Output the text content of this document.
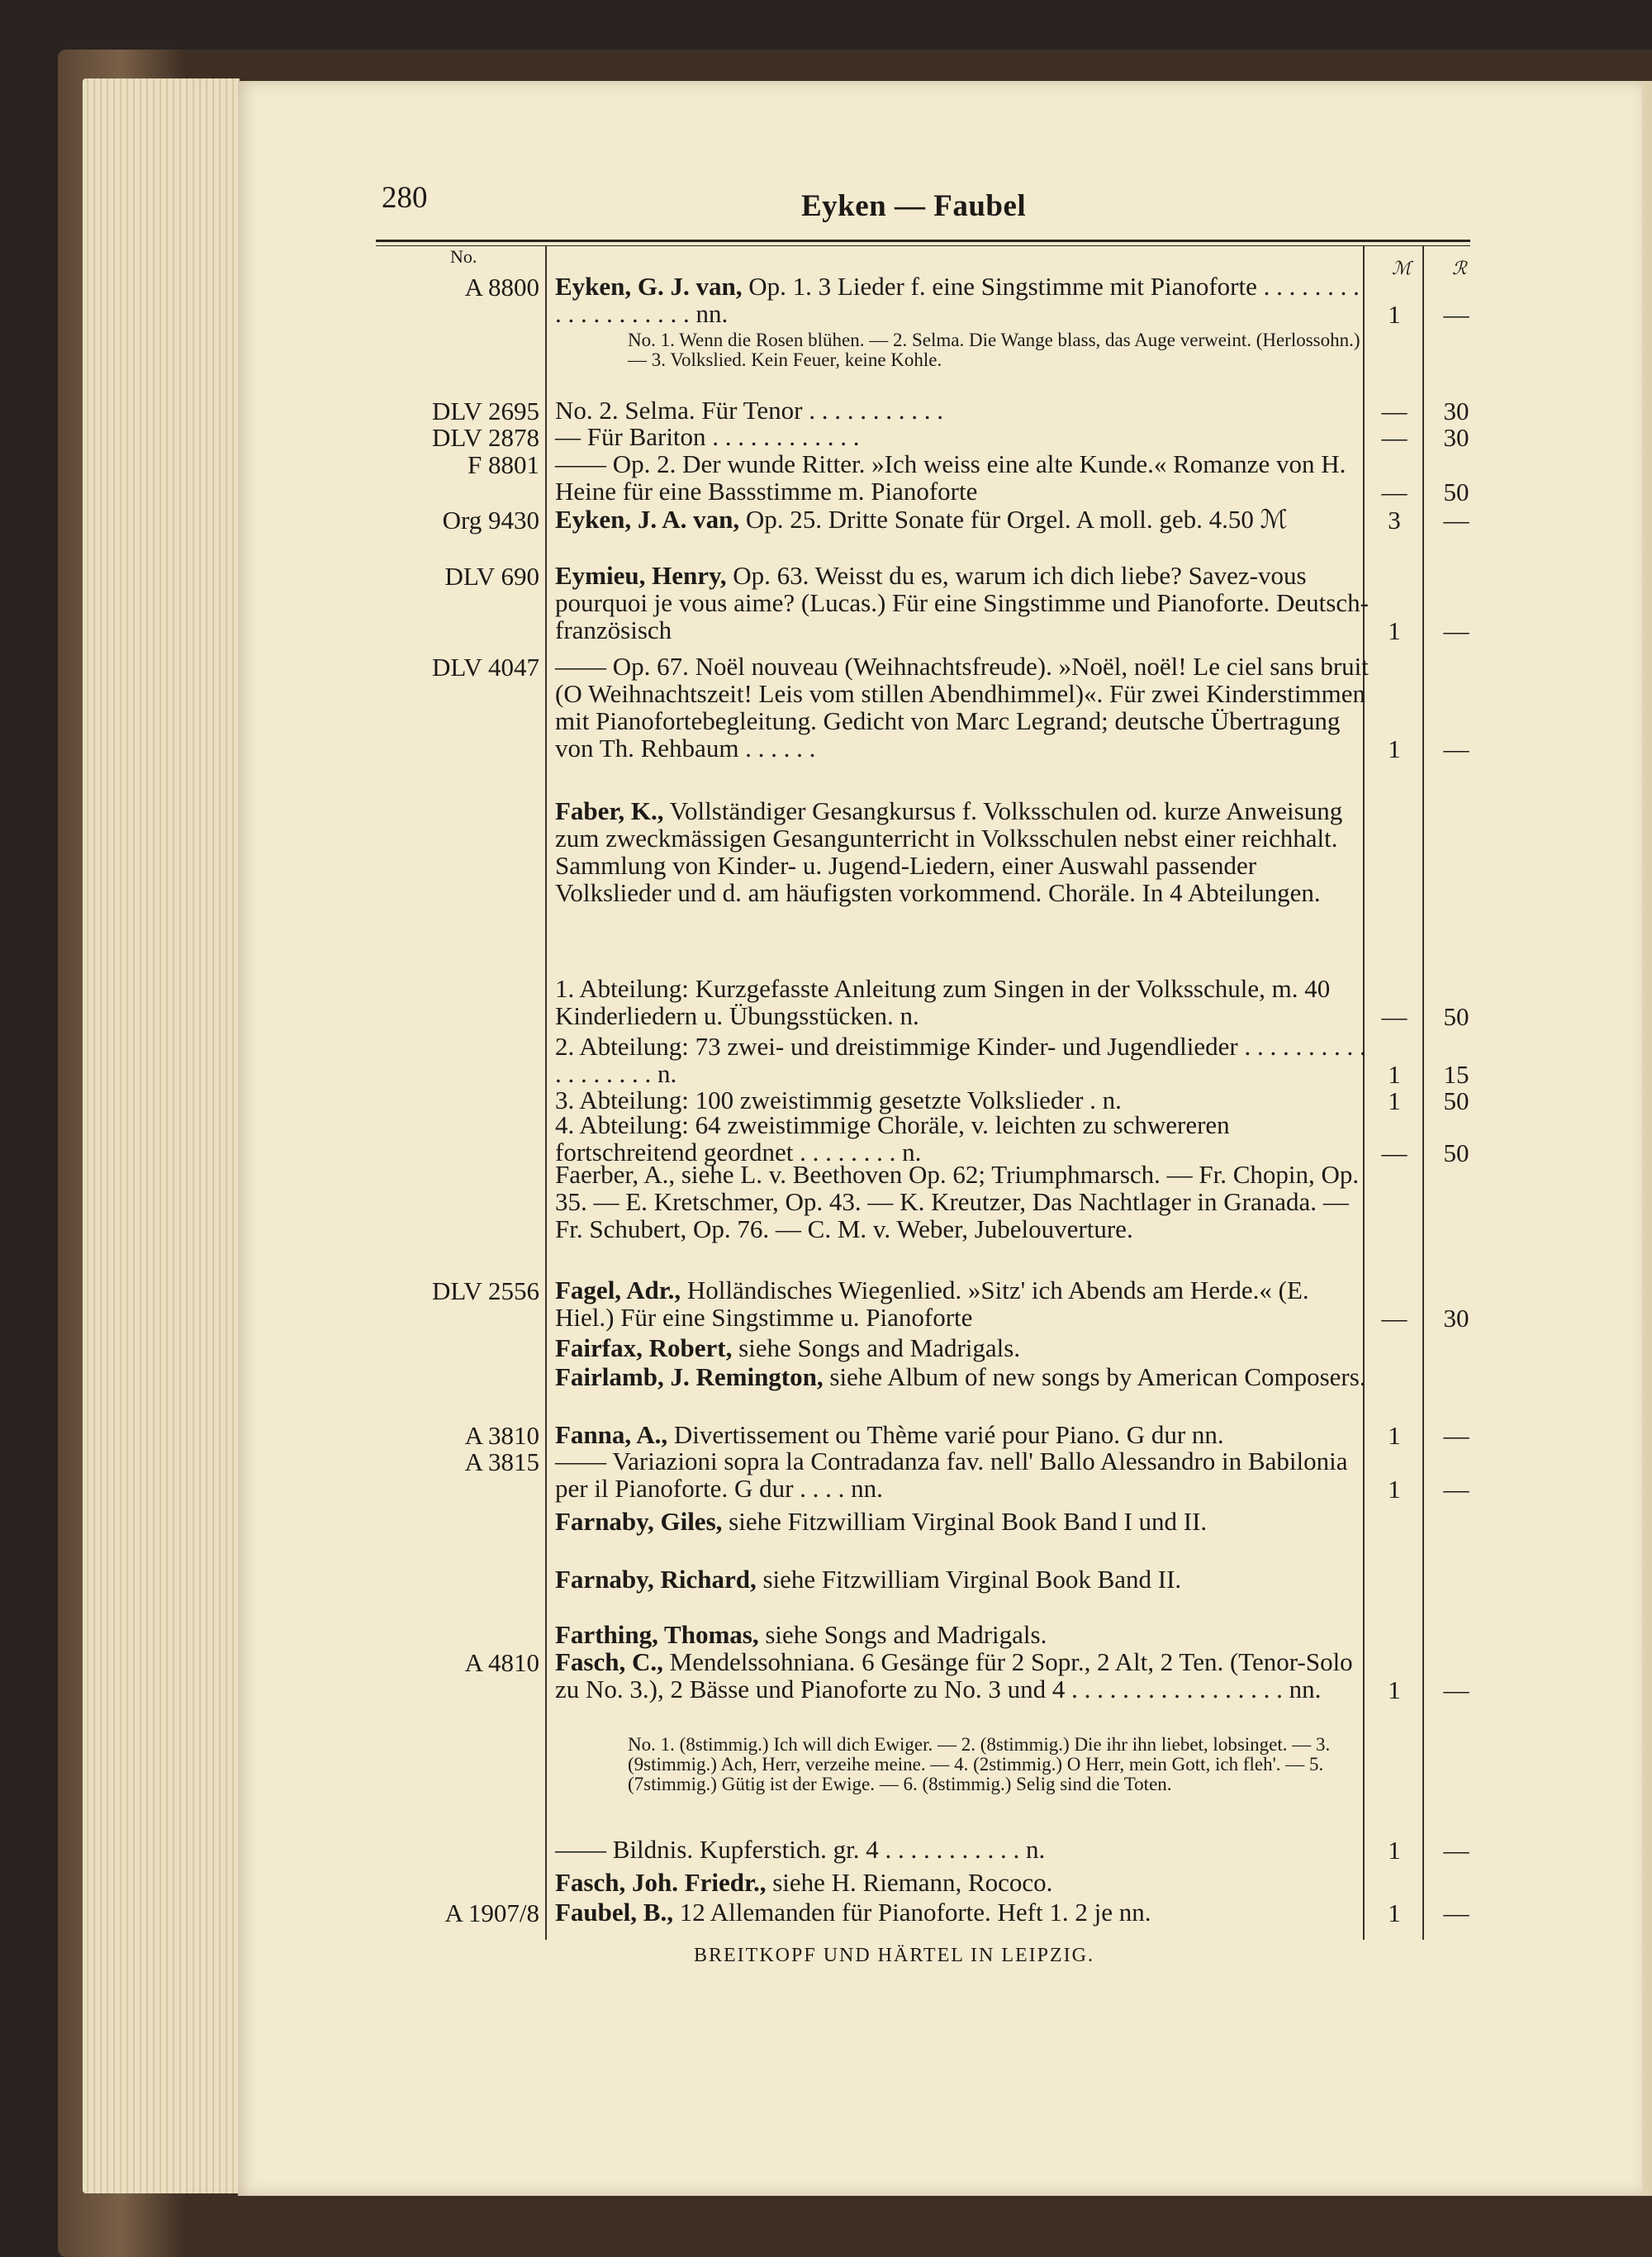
280	Eyken — Faubel
No.
ℳ ℛ
A 8800 Eyken, G. J. van, Op. 1. 3 Lieder f. eine Singstimme mit Pianoforte . . . . . . . . . . . . . . . . . . . nn.	1	—
No. 1. Wenn die Rosen blühen. — 2. Selma. Die Wange blass, das Auge verweint. (Herlossohn.) — 3. Volkslied. Kein Feuer, keine Kohle.
DLV 2695 No. 2. Selma. Für Tenor . . . . . . . . . . .	—	30
DLV 2878 — Für Bariton . . . . . . . . . . . .	—	30
F 8801 —— Op. 2. Der wunde Ritter. »Ich weiss eine alte Kunde.« Romanze von H. Heine für eine Bassstimme m. Pianoforte	—	50
Org 9430 Eyken, J. A. van, Op. 25. Dritte Sonate für Orgel. A moll. geb. 4.50 ℳ	3	—
DLV 690 Eymieu, Henry, Op. 63. Weisst du es, warum ich dich liebe? Savez-vous pourquoi je vous aime? (Lucas.) Für eine Singstimme und Pianoforte. Deutsch-französisch	1	—
DLV 4047 —— Op. 67. Noël nouveau (Weihnachtsfreude). »Noël, noël! Le ciel sans bruit (O Weihnachtszeit! Leis vom stillen Abendhimmel)«. Für zwei Kinderstimmen mit Pianofortebegleitung. Gedicht von Marc Legrand; deutsche Übertragung von Th. Rehbaum . . . . . .	1	—
Faber, K., Vollständiger Gesangkursus f. Volksschulen od. kurze Anweisung zum zweckmässigen Gesangunterricht in Volksschulen nebst einer reichhalt. Sammlung von Kinder- u. Jugend-Liedern, einer Auswahl passender Volkslieder und d. am häufigsten vorkommend. Choräle. In 4 Abteilungen.
1. Abteilung: Kurzgefasste Anleitung zum Singen in der Volksschule, m. 40 Kinderliedern u. Übungsstücken. n.	—	50
2. Abteilung: 73 zwei- und dreistimmige Kinder- und Jugendlieder . . . . . . . . . . . . . . . . . . n.	1	15
3. Abteilung: 100 zweistimmig gesetzte Volkslieder . n.	1	50
4. Abteilung: 64 zweistimmige Choräle, v. leichten zu schwereren fortschreitend geordnet . . . . . . . . n.	—	50
Faerber, A., siehe L. v. Beethoven Op. 62; Triumphmarsch. — Fr. Chopin, Op. 35. — E. Kretschmer, Op. 43. — K. Kreutzer, Das Nachtlager in Granada. — Fr. Schubert, Op. 76. — C. M. v. Weber, Jubelouverture.
DLV 2556 Fagel, Adr., Holländisches Wiegenlied. »Sitz' ich Abends am Herde.« (E. Hiel.) Für eine Singstimme u. Pianoforte	—	30
Fairfax, Robert, siehe Songs and Madrigals.
Fairlamb, J. Remington, siehe Album of new songs by American Composers.
A 3810 Fanna, A., Divertissement ou Thème varié pour Piano. G dur nn.	1	—
A 3815 —— Variazioni sopra la Contradanza fav. nell' Ballo Alessandro in Babilonia per il Pianoforte. G dur . . . . nn.	1	—
Farnaby, Giles, siehe Fitzwilliam Virginal Book Band I und II.
Farnaby, Richard, siehe Fitzwilliam Virginal Book Band II.
Farthing, Thomas, siehe Songs and Madrigals.
A 4810 Fasch, C., Mendelssohniana. 6 Gesänge für 2 Sopr., 2 Alt, 2 Ten. (Tenor-Solo zu No. 3.), 2 Bässe und Pianoforte zu No. 3 und 4 . . . . . . . . . . . . . . . . . nn.	1	—
No. 1. (8stimmig.) Ich will dich Ewiger. — 2. (8stimmig.) Die ihr ihn liebet, lobsinget. — 3. (9stimmig.) Ach, Herr, verzeihe meine. — 4. (2stimmig.) O Herr, mein Gott, ich fleh'. — 5. (7stimmig.) Gütig ist der Ewige. — 6. (8stimmig.) Selig sind die Toten.
—— Bildnis. Kupferstich. gr. 4 . . . . . . . . . . . n.	1	—
Fasch, Joh. Friedr., siehe H. Riemann, Rococo.
A 1907/8 Faubel, B., 12 Allemanden für Pianoforte. Heft 1. 2 je nn.	1	—
BREITKOPF UND HÄRTEL IN LEIPZIG.
